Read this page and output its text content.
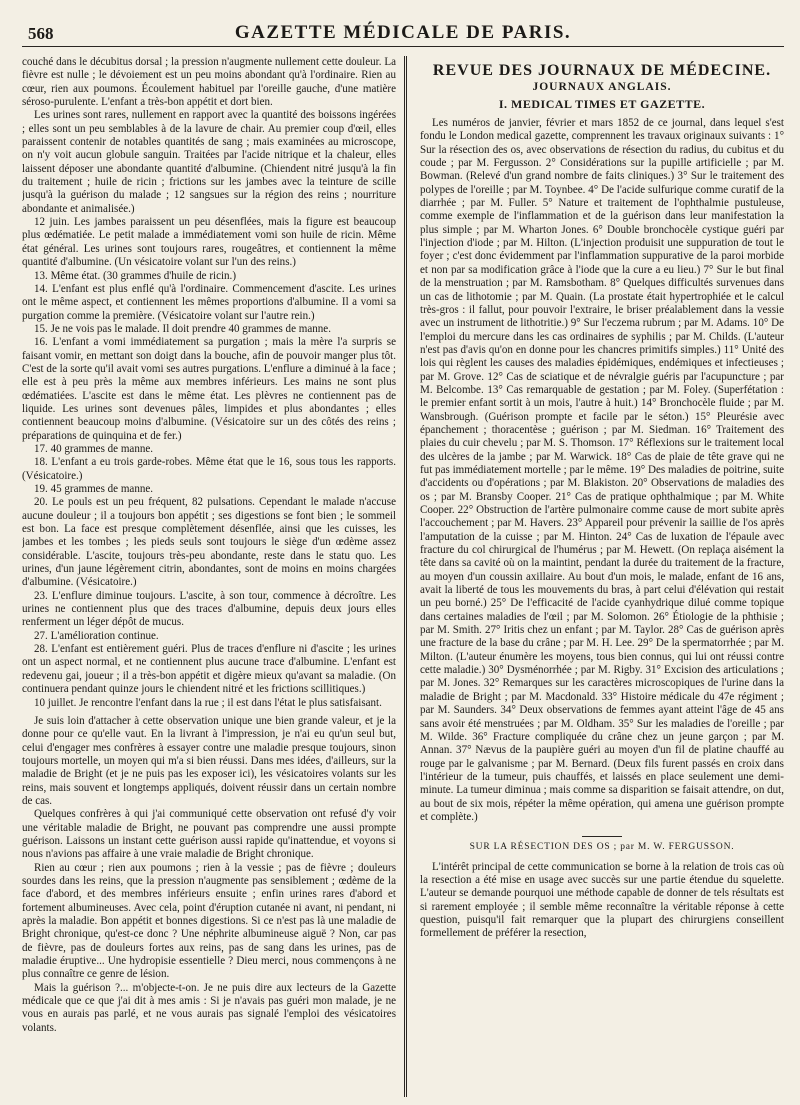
568	GAZETTE MÉDICALE DE PARIS.

couché dans le décubitus dorsal ; la pression n'augmente nullement cette douleur. La fièvre est nulle ; le dévoiement est un peu moins abondant qu'à l'ordinaire. Rien au cœur, rien aux poumons. Écoulement habituel par l'oreille gauche, d'une matière séroso-purulente. L'enfant a très-bon appétit et dort bien.

Les urines sont rares, nullement en rapport avec la quantité des boissons ingérées ; elles sont un peu semblables à de la lavure de chair. Au premier coup d'œil, elles paraissent contenir de notables quantités de sang ; mais examinées au microscope, on n'y voit aucun globule sanguin. Traitées par l'acide nitrique et la chaleur, elles laissent déposer une abondante quantité d'albumine. (Chiendent nitré jusqu'à la fin du traitement ; huile de ricin ; frictions sur les jambes avec la teinture de scille jusqu'à la guérison du malade ; 12 sangsues sur la région des reins ; nourriture abondante et animalisée.)

12 juin. Les jambes paraissent un peu désenflées, mais la figure est beaucoup plus œdématiée. Le petit malade a immédiatement vomi son huile de ricin. Même état général. Les urines sont toujours rares, rougeâtres, et contiennent la même quantité d'albumine. (Un vésicatoire volant sur l'un des reins.)

13. Même état. (30 grammes d'huile de ricin.)

14. L'enfant est plus enflé qu'à l'ordinaire. Commencement d'ascite. Les urines ont le même aspect, et contiennent les mêmes proportions d'albumine. Il a vomi sa purgation comme la première. (Vésicatoire volant sur l'autre rein.)

15. Je ne vois pas le malade. Il doit prendre 40 grammes de manne.

16. L'enfant a vomi immédiatement sa purgation ; mais la mère l'a surpris se faisant vomir, en mettant son doigt dans la bouche, afin de pouvoir manger plus tôt. C'est de la sorte qu'il avait vomi ses autres purgations. L'enflure a diminué à la face ; elle est à peu près la même aux membres inférieurs. Les mains ne sont plus œdématiées. L'ascite est dans le même état. Les plèvres ne contiennent pas de liquide. Les urines sont devenues pâles, limpides et plus abondantes ; elles contiennent beaucoup moins d'albumine. (Vésicatoire sur un des côtés des reins ; préparations de quinquina et de fer.)

17. 40 grammes de manne.

18. L'enfant a eu trois garde-robes. Même état que le 16, sous tous les rapports. (Vésicatoire.)

19. 45 grammes de manne.

20. Le pouls est un peu fréquent, 82 pulsations. Cependant le malade n'accuse aucune douleur ; il a toujours bon appétit ; ses digestions se font bien ; le sommeil est bon. La face est presque complètement désenflée, ainsi que les cuisses, les jambes et les tombes ; les pieds seuls sont toujours le siège d'un œdème assez considérable. L'ascite, toujours très-peu abondante, reste dans le statu quo. Les urines, d'un jaune légèrement citrin, abondantes, sont de moins en moins chargées d'albumine. (Vésicatoire.)

23. L'enflure diminue toujours. L'ascite, à son tour, commence à décroître. Les urines ne contiennent plus que des traces d'albumine, depuis deux jours elles renferment un léger dépôt de mucus.

27. L'amélioration continue.

28. L'enfant est entièrement guéri. Plus de traces d'enflure ni d'ascite ; les urines ont un aspect normal, et ne contiennent plus aucune trace d'albumine. L'enfant est redevenu gai, joueur ; il a très-bon appétit et digère mieux qu'avant sa maladie. (On continuera pendant quinze jours le chiendent nitré et les frictions scillitiques.)

10 juillet. Je rencontre l'enfant dans la rue ; il est dans l'état le plus satisfaisant.

Je suis loin d'attacher à cette observation unique une bien grande valeur, et je la donne pour ce qu'elle vaut. En la livrant à l'impression, je n'ai eu qu'un seul but, celui d'engager mes confrères à essayer contre une maladie presque toujours, sinon toujours mortelle, un moyen qui m'a si bien réussi. Dans mes idées, d'ailleurs, sur la maladie de Bright (et je ne puis pas les exposer ici), les vésicatoires volants sur les reins, mais souvent et longtemps appliqués, doivent réussir dans un certain nombre de cas.

Quelques confrères à qui j'ai communiqué cette observation ont refusé d'y voir une véritable maladie de Bright, ne pouvant pas comprendre une aussi prompte guérison. Laissons un instant cette guérison aussi rapide qu'inattendue, et voyons si nous n'avions pas affaire à une vraie maladie de Bright chronique.

Rien au cœur ; rien aux poumons ; rien à la vessie ; pas de fièvre ; douleurs sourdes dans les reins, que la pression n'augmente pas sensiblement ; œdème de la face d'abord, et des membres inférieurs ensuite ; enfin urines rares d'abord et fortement albumineuses. Avec cela, point d'éruption cutanée ni avant, ni pendant, ni après la maladie. Bon appétit et bonnes digestions. Si ce n'est pas là une maladie de Bright chronique, qu'est-ce donc ? Une néphrite albumineuse aiguë ? Non, car pas de fièvre, pas de douleurs fortes aux reins, pas de sang dans les urines, pas de maladie éruptive... Une hydropisie essentielle ? Dieu merci, nous commençons à ne plus connaître ce genre de lésion.

Mais la guérison ?... m'objecte-t-on. Je ne puis dire aux lecteurs de la Gazette médicale que ce que j'ai dit à mes amis : Si je n'avais pas guéri mon malade, je ne vous en aurais pas parlé, et ne vous aurais pas signalé l'emploi des vésicatoires volants.

REVUE DES JOURNAUX DE MÉDECINE.
JOURNAUX ANGLAIS.
I. MEDICAL TIMES ET GAZETTE.

Les numéros de janvier, février et mars 1852 de ce journal, dans lequel s'est fondu le London medical gazette, comprennent les travaux originaux suivants : 1° Sur la résection des os, avec observations de résection du radius, du cubitus et du coude ; par M. Fergusson. 2° Considérations sur la pupille artificielle ; par M. Bowman. (Relevé d'un grand nombre de faits cliniques.) 3° Sur le traitement des polypes de l'oreille ; par M. Toynbee. 4° De l'acide sulfurique comme curatif de la diarrhée ; par M. Fuller. 5° Nature et traitement de l'ophthalmie pustuleuse, comme exemple de l'inflammation et de la guérison dans leur manifestation la plus simple ; par M. Wharton Jones. 6° Double bronchocèle cystique guéri par l'injection d'iode ; par M. Hilton. (L'injection produisit une suppuration de tout le foyer ; c'est donc évidemment par l'inflammation suppurative de la paroi morbide et non par sa modification grâce à l'iode que la cure a eu lieu.) 7° Sur le but final de la menstruation ; par M. Ramsbotham. 8° Quelques difficultés survenues dans un cas de lithotomie ; par M. Quain. (La prostate était hypertrophiée et le calcul très-gros : il fallut, pour pouvoir l'extraire, le briser préalablement dans la vessie avec un instrument de lithotritie.) 9° Sur l'eczema rubrum ; par M. Adams. 10° De l'emploi du mercure dans les cas ordinaires de syphilis ; par M. Childs. (L'auteur n'est pas d'avis qu'on en donne pour les chancres primitifs simples.) 11° Unité des lois qui règlent les causes des maladies épidémiques, endémiques et infectieuses ; par M. Grove. 12° Cas de sciatique et de névralgie guéris par l'acupuncture ; par M. Belcombe. 13° Cas remarquable de gestation ; par M. Foley. (Superfétation : le premier enfant sortit à un mois, l'autre à huit.) 14° Bronchocèle fluide ; par M. Wansbrough. (Guérison prompte et facile par le séton.) 15° Pleurésie avec épanchement ; thoracentèse ; guérison ; par M. Siedman. 16° Traitement des plaies du cuir chevelu ; par M. S. Thomson. 17° Réflexions sur le traitement local des ulcères de la jambe ; par M. Warwick. 18° Cas de plaie de tête grave qui ne fut pas immédiatement mortelle ; par le même. 19° Des maladies de poitrine, suite d'accidents ou d'opérations ; par M. Blakiston. 20° Observations de maladies des os ; par M. Bransby Cooper. 21° Cas de pratique ophthalmique ; par M. White Cooper. 22° Obstruction de l'artère pulmonaire comme cause de mort subite après l'accouchement ; par M. Havers. 23° Appareil pour prévenir la saillie de l'os après l'amputation de la cuisse ; par M. Hinton. 24° Cas de luxation de l'épaule avec fracture du col chirurgical de l'humérus ; par M. Hewett. (On replaça aisément la tête dans sa cavité où on la maintint, pendant la durée du traitement de la fracture, au moyen d'un coussin axillaire. Au bout d'un mois, le malade, enfant de 16 ans, avait la liberté de tous les mouvements du bras, à part celui d'élévation qui restait un peu borné.) 25° De l'efficacité de l'acide cyanhydrique dilué comme topique dans certaines maladies de l'œil ; par M. Solomon. 26° Étiologie de la phthisie ; par M. Smith. 27° Iritis chez un enfant ; par M. Taylor. 28° Cas de guérison après une fracture de la base du crâne ; par M. H. Lee. 29° De la spermatorrhée ; par M. Milton. (L'auteur énumère les moyens, tous bien connus, qui lui ont réussi contre cette maladie.) 30° Dysménorrhée ; par M. Rigby. 31° Excision des articulations ; par M. Jones. 32° Remarques sur les caractères microscopiques de l'urine dans la maladie de Bright ; par M. Macdonald. 33° Histoire médicale du 47e régiment ; par M. Saunders. 34° Deux observations de femmes ayant atteint l'âge de 45 ans sans avoir été menstruées ; par M. Oldham. 35° Sur les maladies de l'oreille ; par M. Wilde. 36° Fracture compliquée du crâne chez un jeune garçon ; par M. Annan. 37° Nævus de la paupière guéri au moyen d'un fil de platine chauffé au rouge par le galvanisme ; par M. Bernard. (Deux fils furent passés en croix dans l'intérieur de la tumeur, puis chauffés, et laissés en place seulement une demi-minute. La tumeur diminua ; mais comme sa disparition se faisait attendre, on dut, au bout de six mois, répéter la même opération, qui amena une guérison prompte et complète.)

SUR LA RÉSECTION DES OS ; par M. W. FERGUSSON.

L'intérêt principal de cette communication se borne à la relation de trois cas où la resection a été mise en usage avec succès sur une partie étendue du squelette. L'auteur se demande pourquoi une méthode capable de donner de tels résultats est si rarement employée ; il semble même reconnaître la véritable réponse à cette question, puisqu'il fait remarquer que la plupart des chirurgiens conseillent formellement de préférer la resection,
